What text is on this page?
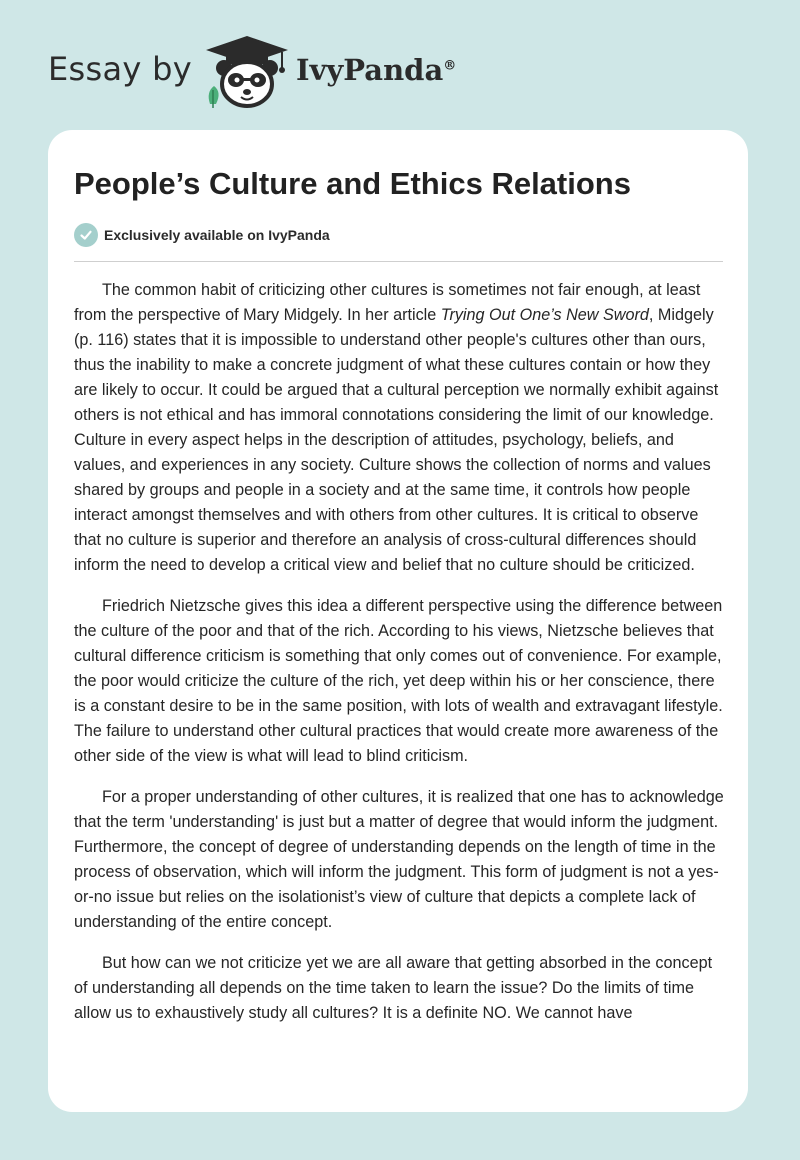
Essay by	IvyPanda®
People’s Culture and Ethics Relations
Exclusively available on IvyPanda

The common habit of criticizing other cultures is sometimes not fair enough, at least from the perspective of Mary Midgely. In her article Trying Out One’s New Sword, Midgely (p. 116) states that it is impossible to understand other people's cultures other than ours, thus the inability to make a concrete judgment of what these cultures contain or how they are likely to occur. It could be argued that a cultural perception we normally exhibit against others is not ethical and has immoral connotations considering the limit of our knowledge. Culture in every aspect helps in the description of attitudes, psychology, beliefs, and values, and experiences in any society. Culture shows the collection of norms and values shared by groups and people in a society and at the same time, it controls how people interact amongst themselves and with others from other cultures. It is critical to observe that no culture is superior and therefore an analysis of cross-cultural differences should inform the need to develop a critical view and belief that no culture should be criticized.

Friedrich Nietzsche gives this idea a different perspective using the difference between the culture of the poor and that of the rich. According to his views, Nietzsche believes that cultural difference criticism is something that only comes out of convenience. For example, the poor would criticize the culture of the rich, yet deep within his or her conscience, there is a constant desire to be in the same position, with lots of wealth and extravagant lifestyle. The failure to understand other cultural practices that would create more awareness of the other side of the view is what will lead to blind criticism.

For a proper understanding of other cultures, it is realized that one has to acknowledge that the term 'understanding' is just but a matter of degree that would inform the judgment. Furthermore, the concept of degree of understanding depends on the length of time in the process of observation, which will inform the judgment. This form of judgment is not a yes-or-no issue but relies on the isolationist’s view of culture that depicts a complete lack of understanding of the entire concept.

But how can we not criticize yet we are all aware that getting absorbed in the concept of understanding all depends on the time taken to learn the issue? Do the limits of time allow us to exhaustively study all cultures? It is a definite NO. We cannot have
